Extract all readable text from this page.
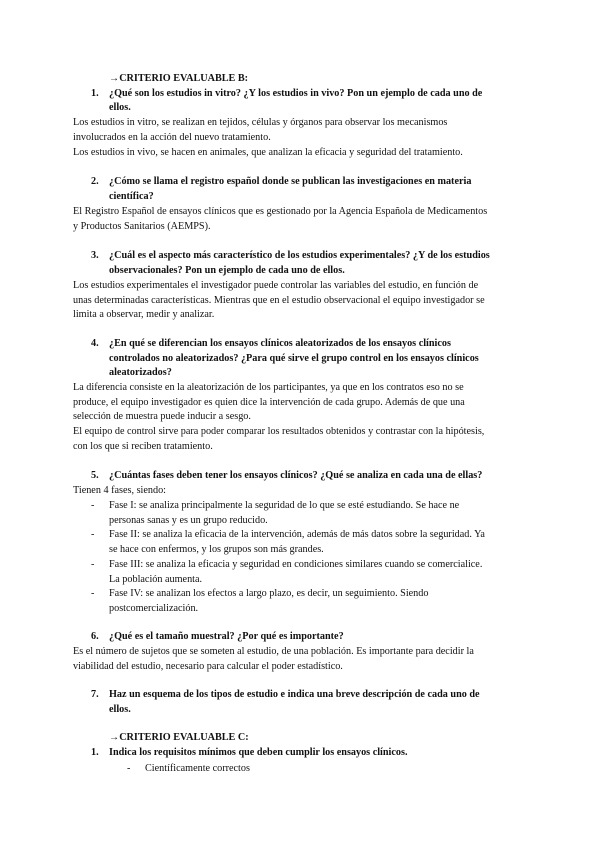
→CRITERIO EVALUABLE B:
1. ¿Qué son los estudios in vitro? ¿Y los estudios in vivo? Pon un ejemplo de cada uno de
ellos.
Los estudios in vitro, se realizan en tejidos, células y órganos para observar los mecanismos
involucrados en la acción del nuevo tratamiento.
Los estudios in vivo, se hacen en animales, que analizan la eficacia y seguridad del tratamiento.
2. ¿Cómo se llama el registro español donde se publican las investigaciones en materia
científica?
El Registro Español de ensayos clínicos que es gestionado por la Agencia Española de Medicamentos
y Productos Sanitarios (AEMPS).
3. ¿Cuál es el aspecto más característico de los estudios experimentales? ¿Y de los estudios
observacionales? Pon un ejemplo de cada uno de ellos.
Los estudios experimentales el investigador puede controlar las variables del estudio, en función de
unas determinadas características. Mientras que en el estudio observacional el equipo investigador se
limita a observar, medir y analizar.
4. ¿En qué se diferencian los ensayos clínicos aleatorizados de los ensayos clínicos
controlados no aleatorizados? ¿Para qué sirve el grupo control en los ensayos clínicos
aleatorizados?
La diferencia consiste en la aleatorización de los participantes, ya que en los contratos eso no se
produce, el equipo investigador es quien dice la intervención de cada grupo. Además de que una
selección de muestra puede inducir a sesgo.
El equipo de control sirve para poder comparar los resultados obtenidos y contrastar con la hipótesis,
con los que si reciben tratamiento.
5. ¿Cuántas fases deben tener los ensayos clínicos? ¿Qué se analiza en cada una de ellas?
Tienen 4 fases, siendo:
- Fase I: se analiza principalmente la seguridad de lo que se esté estudiando. Se hace ne
personas sanas y es un grupo reducido.
- Fase II: se analiza la eficacia de la intervención, además de más datos sobre la seguridad. Ya
se hace con enfermos, y los grupos son más grandes.
- Fase III: se analiza la eficacia y seguridad en condiciones similares cuando se comercialice.
La población aumenta.
- Fase IV: se analizan los efectos a largo plazo, es decir, un seguimiento. Siendo
postcomercialización.
6. ¿Qué es el tamaño muestral? ¿Por qué es importante?
Es el número de sujetos que se someten al estudio, de una población. Es importante para decidir la
viabilidad del estudio, necesario para calcular el poder estadístico.
7. Haz un esquema de los tipos de estudio e indica una breve descripción de cada uno de
ellos.
→CRITERIO EVALUABLE C:
1. Indica los requisitos mínimos que deben cumplir los ensayos clínicos.
- Científicamente correctos
